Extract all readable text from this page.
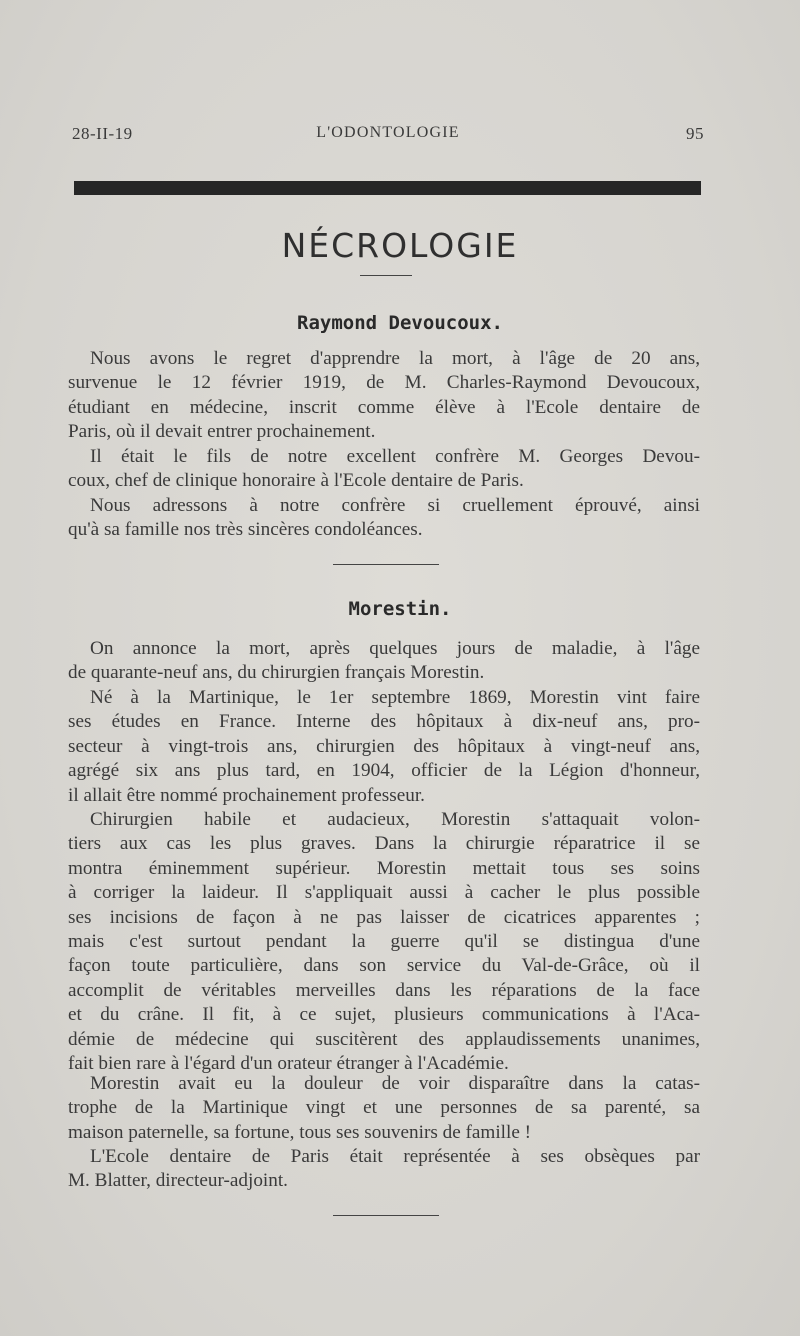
28-II-19	L'ODONTOLOGIE	95
NÉCROLOGIE
Raymond Devoucoux.
Nous avons le regret d'apprendre la mort, à l'âge de 20 ans,
survenue le 12 février 1919, de M. Charles-Raymond Devoucoux,
étudiant en médecine, inscrit comme élève à l'Ecole dentaire de
Paris, où il devait entrer prochainement.
Il était le fils de notre excellent confrère M. Georges Devou-
coux, chef de clinique honoraire à l'Ecole dentaire de Paris.
Nous adressons à notre confrère si cruellement éprouvé, ainsi
qu'à sa famille nos très sincères condoléances.
Morestin.
On annonce la mort, après quelques jours de maladie, à l'âge
de quarante-neuf ans, du chirurgien français Morestin.
Né à la Martinique, le 1er septembre 1869, Morestin vint faire
ses études en France. Interne des hôpitaux à dix-neuf ans, pro-
secteur à vingt-trois ans, chirurgien des hôpitaux à vingt-neuf ans,
agrégé six ans plus tard, en 1904, officier de la Légion d'honneur,
il allait être nommé prochainement professeur.
Chirurgien habile et audacieux, Morestin s'attaquait volon-
tiers aux cas les plus graves. Dans la chirurgie réparatrice il se
montra éminemment supérieur. Morestin mettait tous ses soins
à corriger la laideur. Il s'appliquait aussi à cacher le plus possible
ses incisions de façon à ne pas laisser de cicatrices apparentes ;
mais c'est surtout pendant la guerre qu'il se distingua d'une
façon toute particulière, dans son service du Val-de-Grâce, où il
accomplit de véritables merveilles dans les réparations de la face
et du crâne. Il fit, à ce sujet, plusieurs communications à l'Aca-
démie de médecine qui suscitèrent des applaudissements unanimes,
fait bien rare à l'égard d'un orateur étranger à l'Académie.
Morestin avait eu la douleur de voir disparaître dans la catas-
trophe de la Martinique vingt et une personnes de sa parenté, sa
maison paternelle, sa fortune, tous ses souvenirs de famille !
L'Ecole dentaire de Paris était représentée à ses obsèques par
M. Blatter, directeur-adjoint.
